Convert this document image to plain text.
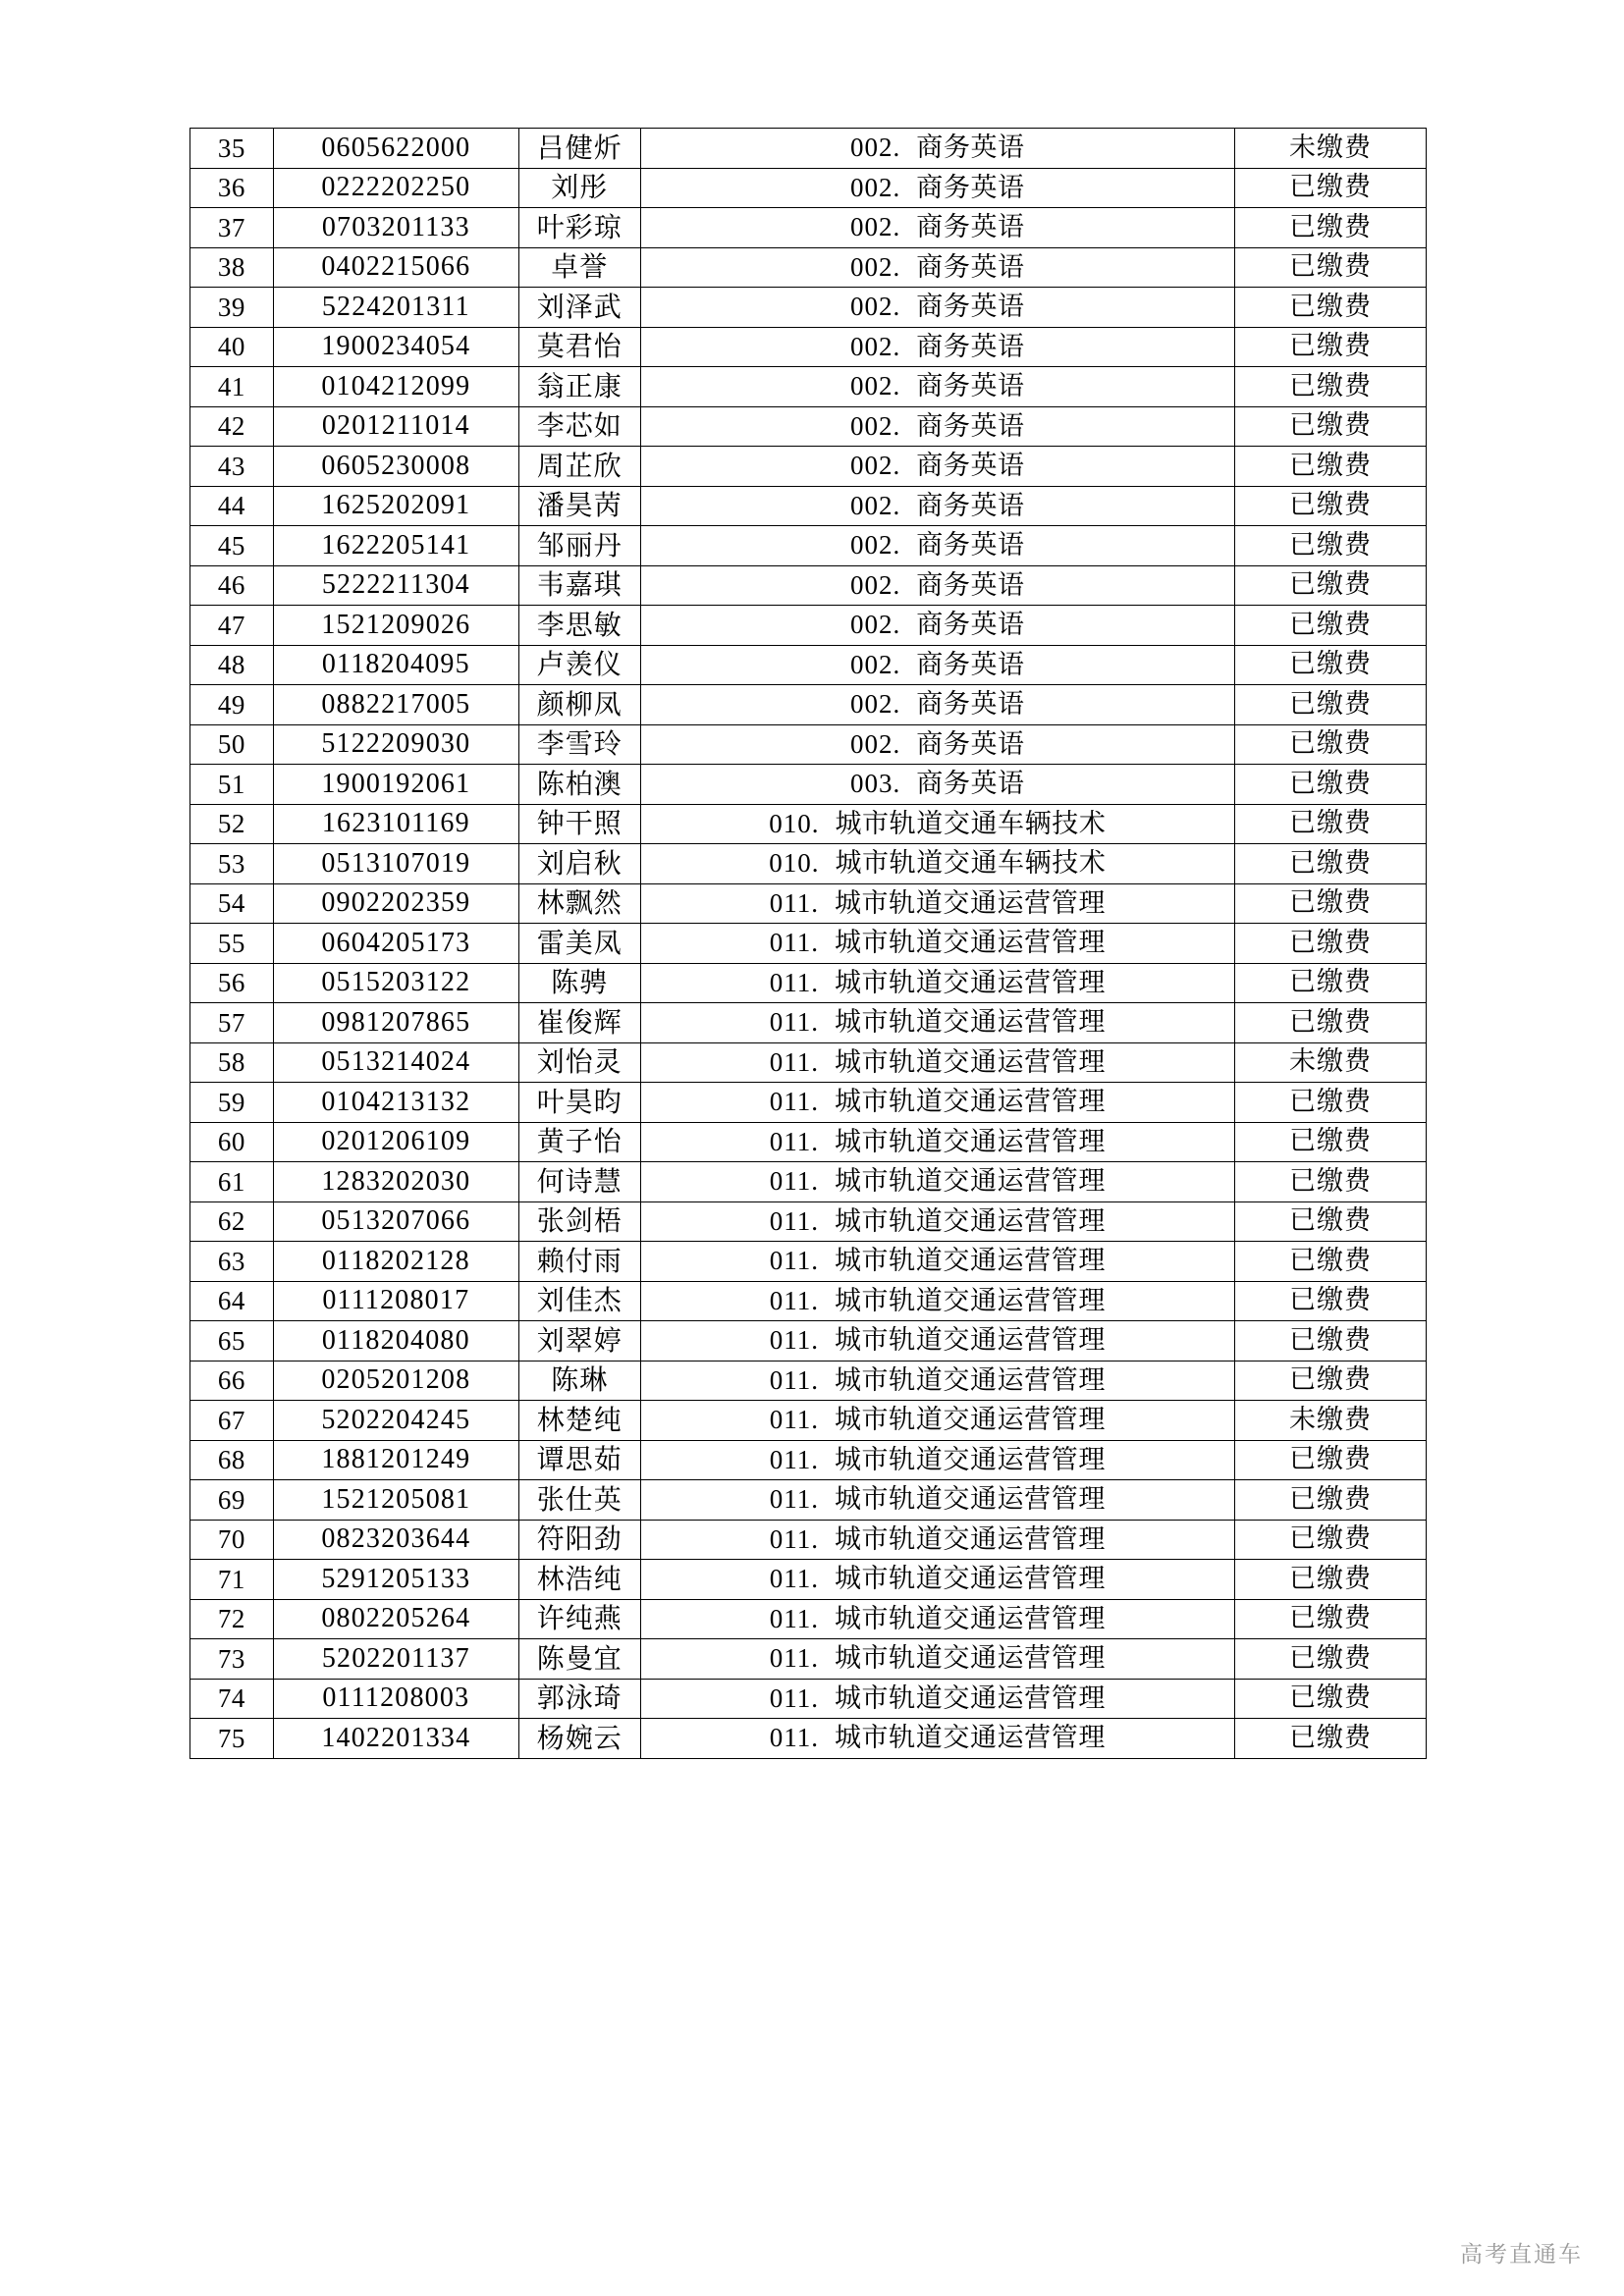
35	0605622000	吕健炘	002. 商务英语	未缴费
36	0222202250	刘彤	002. 商务英语	已缴费
37	0703201133	叶彩琼	002. 商务英语	已缴费
38	0402215066	卓誉	002. 商务英语	已缴费
39	5224201311	刘泽武	002. 商务英语	已缴费
40	1900234054	莫君怡	002. 商务英语	已缴费
41	0104212099	翁正康	002. 商务英语	已缴费
42	0201211014	李芯如	002. 商务英语	已缴费
43	0605230008	周芷欣	002. 商务英语	已缴费
44	1625202091	潘昊苪	002. 商务英语	已缴费
45	1622205141	邹丽丹	002. 商务英语	已缴费
46	5222211304	韦嘉琪	002. 商务英语	已缴费
47	1521209026	李思敏	002. 商务英语	已缴费
48	0118204095	卢羡仪	002. 商务英语	已缴费
49	0882217005	颜柳凤	002. 商务英语	已缴费
50	5122209030	李雪玲	002. 商务英语	已缴费
51	1900192061	陈柏澳	003. 商务英语	已缴费
52	1623101169	钟干照	010. 城市轨道交通车辆技术	已缴费
53	0513107019	刘启秋	010. 城市轨道交通车辆技术	已缴费
54	0902202359	林飘然	011. 城市轨道交通运营管理	已缴费
55	0604205173	雷美凤	011. 城市轨道交通运营管理	已缴费
56	0515203122	陈骋	011. 城市轨道交通运营管理	已缴费
57	0981207865	崔俊辉	011. 城市轨道交通运营管理	已缴费
58	0513214024	刘怡灵	011. 城市轨道交通运营管理	未缴费
59	0104213132	叶昊昀	011. 城市轨道交通运营管理	已缴费
60	0201206109	黄子怡	011. 城市轨道交通运营管理	已缴费
61	1283202030	何诗慧	011. 城市轨道交通运营管理	已缴费
62	0513207066	张剑梧	011. 城市轨道交通运营管理	已缴费
63	0118202128	赖付雨	011. 城市轨道交通运营管理	已缴费
64	0111208017	刘佳杰	011. 城市轨道交通运营管理	已缴费
65	0118204080	刘翠婷	011. 城市轨道交通运营管理	已缴费
66	0205201208	陈琳	011. 城市轨道交通运营管理	已缴费
67	5202204245	林楚纯	011. 城市轨道交通运营管理	未缴费
68	1881201249	谭思茹	011. 城市轨道交通运营管理	已缴费
69	1521205081	张仕英	011. 城市轨道交通运营管理	已缴费
70	0823203644	符阳劲	011. 城市轨道交通运营管理	已缴费
71	5291205133	林浩纯	011. 城市轨道交通运营管理	已缴费
72	0802205264	许纯燕	011. 城市轨道交通运营管理	已缴费
73	5202201137	陈曼宜	011. 城市轨道交通运营管理	已缴费
74	0111208003	郭泳琦	011. 城市轨道交通运营管理	已缴费
75	1402201334	杨婉云	011. 城市轨道交通运营管理	已缴费
高考直通车
